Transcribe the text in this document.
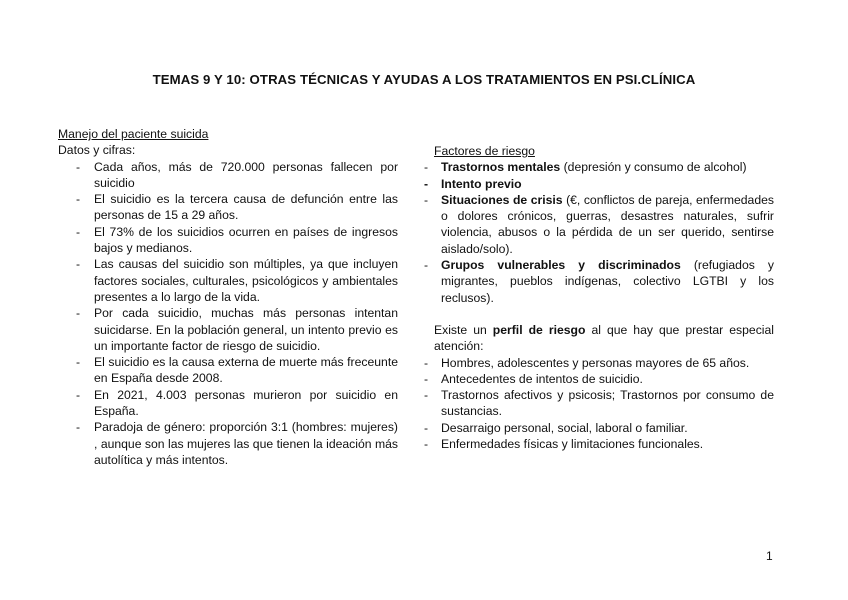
TEMAS 9 Y 10: OTRAS TÉCNICAS Y AYUDAS A LOS TRATAMIENTOS EN PSI.CLÍNICA
Manejo del paciente suicida
Datos y cifras:
- Cada años, más de 720.000 personas fallecen por suicidio
- El suicidio es la tercera causa de defunción entre las personas de 15 a 29 años.
- El 73% de los suicidios ocurren en países de ingresos bajos y medianos.
- Las causas del suicidio son múltiples, ya que incluyen factores sociales, culturales, psicológicos y ambientales presentes a lo largo de la vida.
- Por cada suicidio, muchas más personas intentan suicidarse. En la población general, un intento previo es un importante factor de riesgo de suicidio.
- El suicidio es la causa externa de muerte más freceunte en España desde 2008.
- En 2021, 4.003 personas murieron por suicidio en España.
- Paradoja de género: proporción 3:1 (hombres: mujeres) , aunque son las mujeres las que tienen la ideación más autolítica y más intentos.
Factores de riesgo
- Trastornos mentales (depresión y consumo de alcohol)
- Intento previo
- Situaciones de crisis (€, conflictos de pareja, enfermedades o dolores crónicos, guerras, desastres naturales, sufrir violencia, abusos o la pérdida de un ser querido, sentirse aislado/solo).
- Grupos vulnerables y discriminados (refugiados y migrantes, pueblos indígenas, colectivo LGTBI y los reclusos).
Existe un perfil de riesgo al que hay que prestar especial atención:
- Hombres, adolescentes y personas mayores de 65 años.
- Antecedentes de intentos de suicidio.
- Trastornos afectivos y psicosis; Trastornos por consumo de sustancias.
- Desarraigo personal, social, laboral o familiar.
- Enfermedades físicas y limitaciones funcionales.
1
